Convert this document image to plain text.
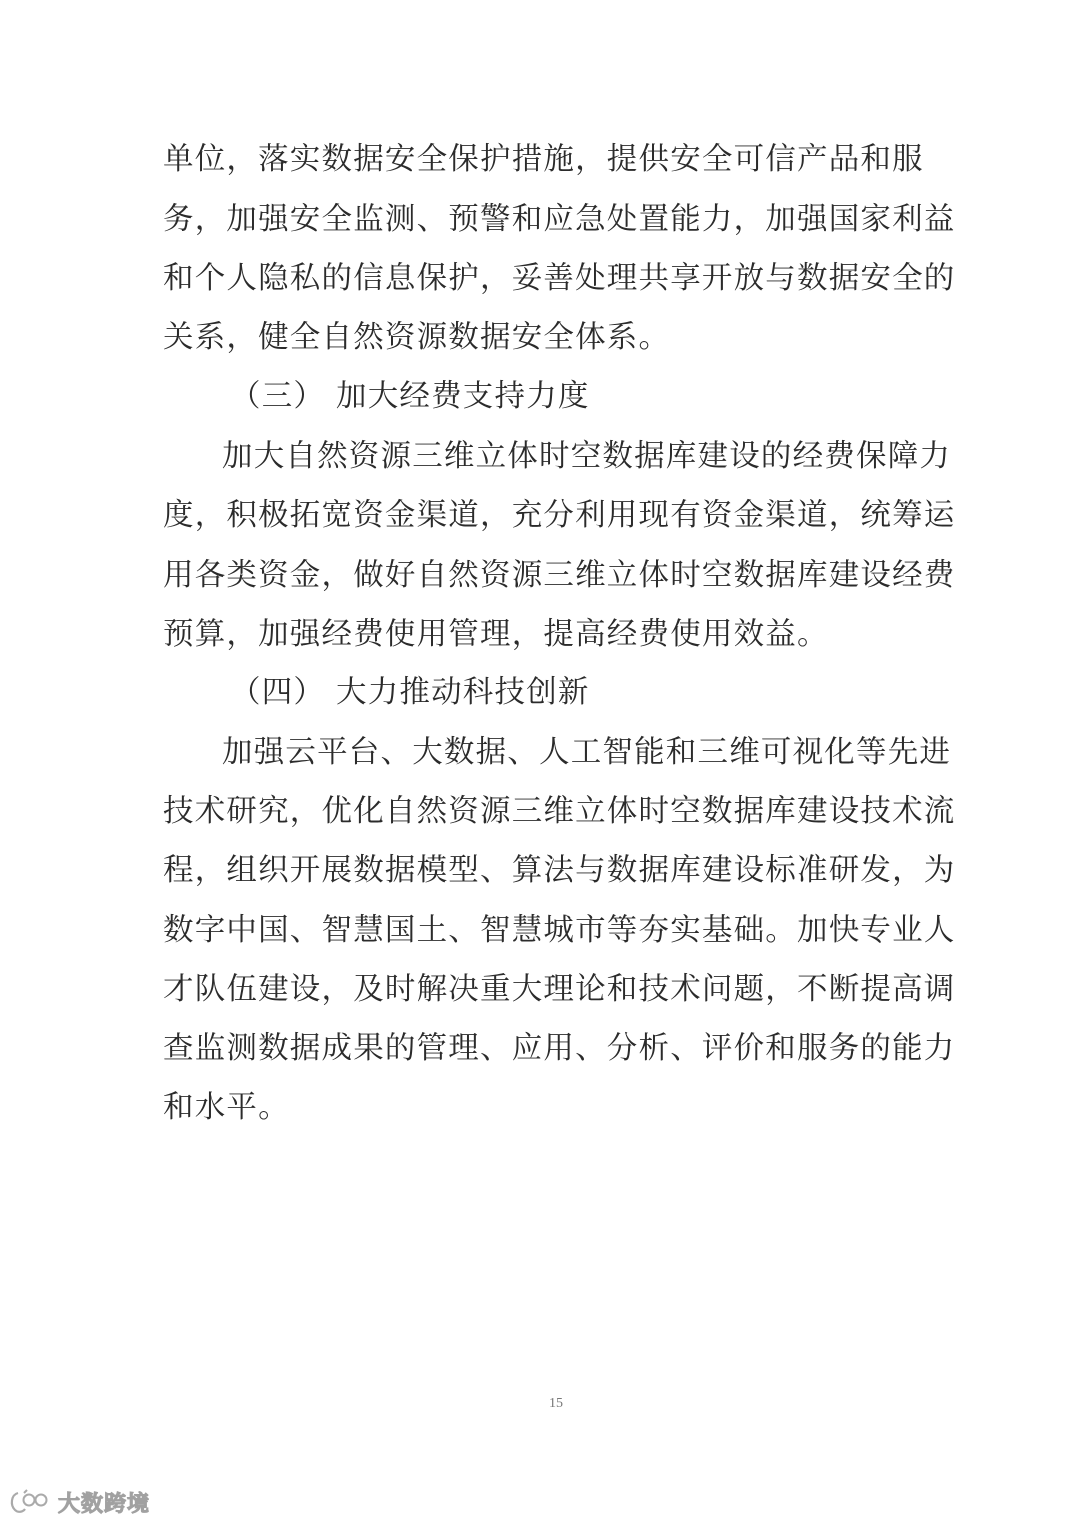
单位，落实数据安全保护措施，提供安全可信产品和服
务，加强安全监测、预警和应急处置能力，加强国家利益
和个人隐私的信息保护，妥善处理共享开放与数据安全的
关系，健全自然资源数据安全体系。
（三） 加大经费支持力度
加大自然资源三维立体时空数据库建设的经费保障力
度，积极拓宽资金渠道，充分利用现有资金渠道，统筹运
用各类资金，做好自然资源三维立体时空数据库建设经费
预算，加强经费使用管理，提高经费使用效益。
（四） 大力推动科技创新
加强云平台、大数据、人工智能和三维可视化等先进
技术研究，优化自然资源三维立体时空数据库建设技术流
程，组织开展数据模型、算法与数据库建设标准研发，为
数字中国、智慧国土、智慧城市等夯实基础。加快专业人
才队伍建设，及时解决重大理论和技术问题，不断提高调
查监测数据成果的管理、应用、分析、评价和服务的能力
和水平。
15
大数跨境
